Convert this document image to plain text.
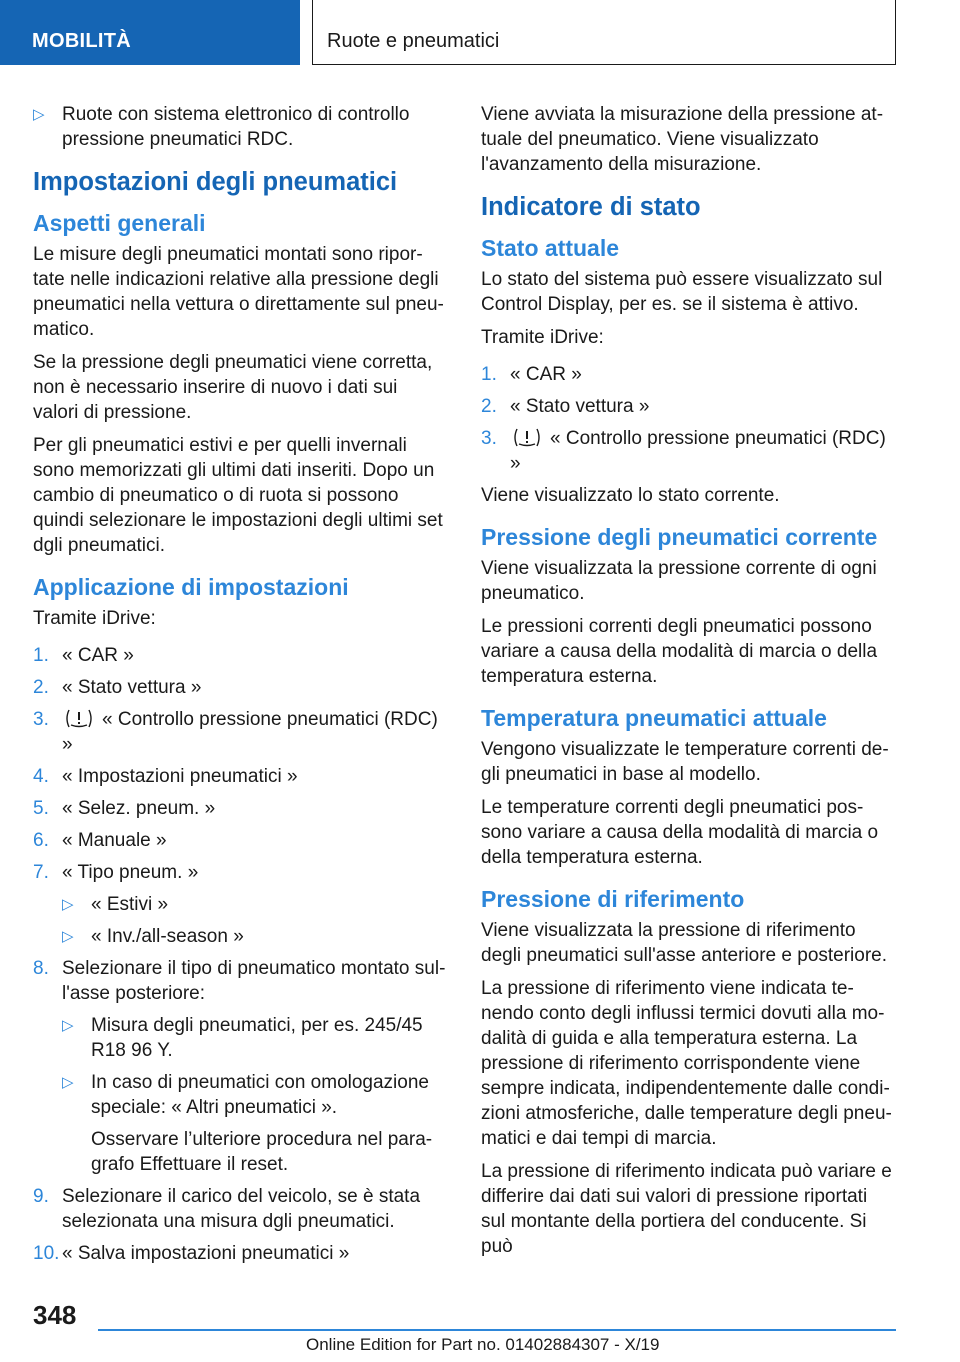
MOBILITÀ	Ruote e pneumatici
▷ Ruote con sistema elettronico di controllo pressione pneumatici RDC.
Impostazioni degli pneumatici
Aspetti generali

Le misure degli pneumatici montati sono riportate nelle indicazioni relative alla pressione degli pneumatici nella vettura o direttamente sul pneumatico.

Se la pressione degli pneumatici viene corretta, non è necessario inserire di nuovo i dati sui valori di pressione.

Per gli pneumatici estivi e per quelli invernali sono memorizzati gli ultimi dati inseriti. Dopo un cambio di pneumatico o di ruota si possono quindi selezionare le impostazioni degli ultimi set dgli pneumatici.

Applicazione di impostazioni

Tramite iDrive:

1. « CAR »
2. « Stato vettura »
3.	« Controllo pressione pneumatici (RDC) »
4. « Impostazioni pneumatici »
5. « Selez. pneum. »
6. « Manuale »
7. « Tipo pneum. »
▷ « Estivi »
▷ « Inv./all-season »
8. Selezionare il tipo di pneumatico montato sull'asse posteriore:
▷ Misura degli pneumatici, per es. 245/45 R18 96 Y.
▷ In caso di pneumatici con omologazione speciale: « Altri pneumatici ».
Osservare l’ulteriore procedura nel paragrafo Effettuare il reset.
9. Selezionare il carico del veicolo, se è stata selezionata una misura dgli pneumatici.
10. « Salva impostazioni pneumatici »

Viene avviata la misurazione della pressione attuale del pneumatico. Viene visualizzato l'avanzamento della misurazione.

Indicatore di stato
Stato attuale

Lo stato del sistema può essere visualizzato sul Control Display, per es. se il sistema è attivo.

Tramite iDrive:

1. « CAR »
2. « Stato vettura »
3.	« Controllo pressione pneumatici (RDC) »

Viene visualizzato lo stato corrente.

Pressione degli pneumatici corrente

Viene visualizzata la pressione corrente di ogni pneumatico.

Le pressioni correnti degli pneumatici possono variare a causa della modalità di marcia o della temperatura esterna.

Temperatura pneumatici attuale

Vengono visualizzate le temperature correnti degli pneumatici in base al modello.

Le temperature correnti degli pneumatici possono variare a causa della modalità di marcia o della temperatura esterna.

Pressione di riferimento

Viene visualizzata la pressione di riferimento degli pneumatici sull'asse anteriore e posteriore.

La pressione di riferimento viene indicata tenendo conto degli influssi termici dovuti alla modalità di guida e alla temperatura esterna. La pressione di riferimento corrispondente viene sempre indicata, indipendentemente dalle condizioni atmosferiche, dalle temperature degli pneumatici e dai tempi di marcia.

La pressione di riferimento indicata può variare e differire dai dati sui valori di pressione riportati sul montante della portiera del conducente. Si può

348
Online Edition for Part no. 01402884307 - X/19
